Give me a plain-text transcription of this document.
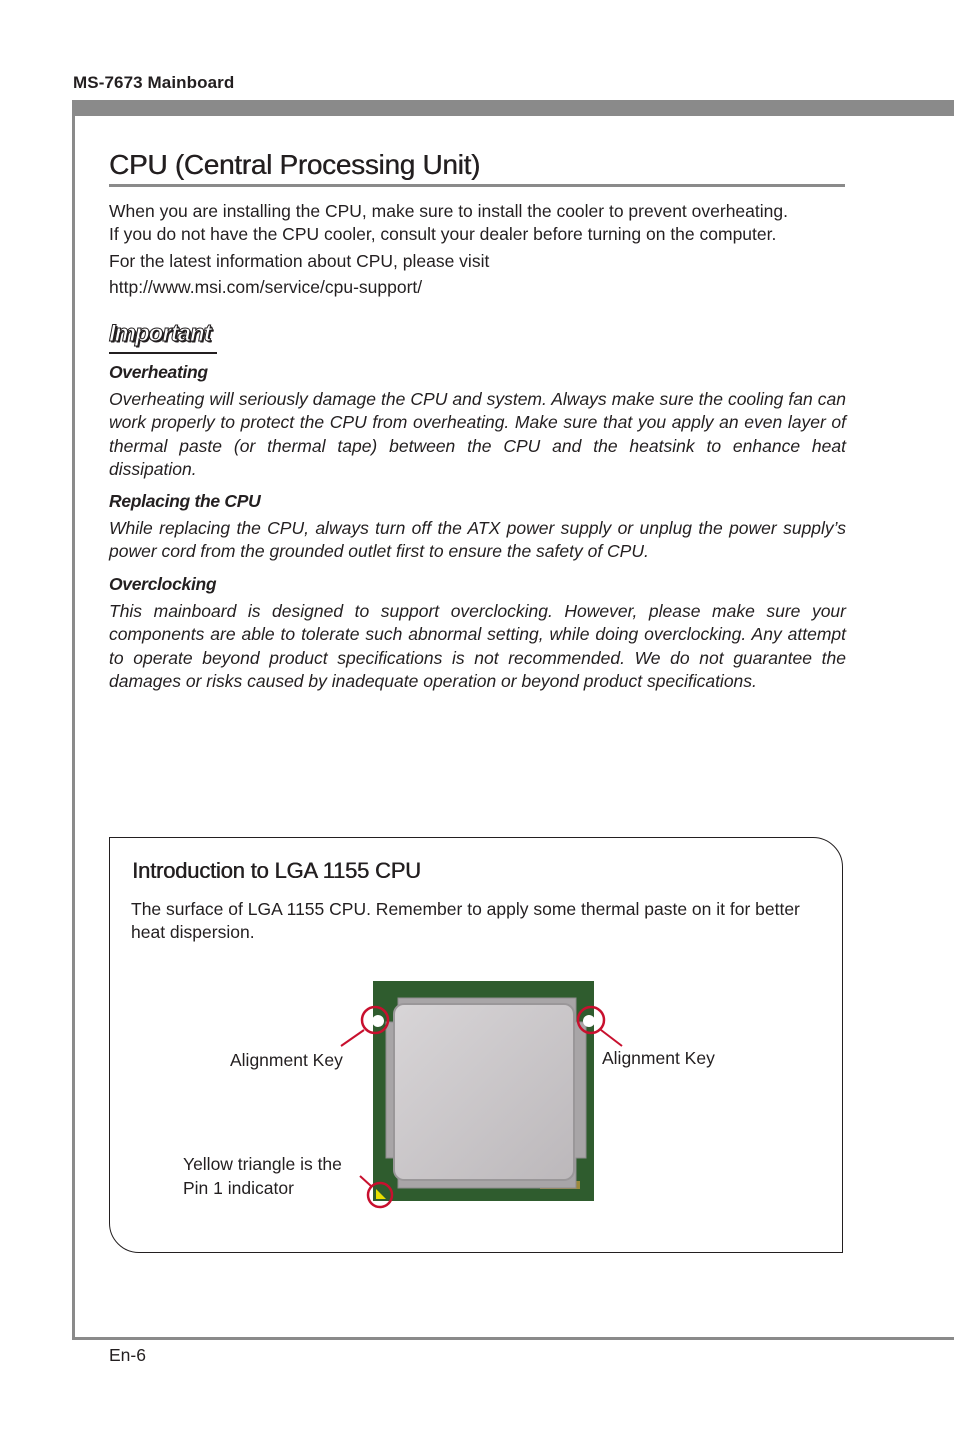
MS-7673 Mainboard
CPU (Central Processing Unit)

When you are installing the CPU, make sure to install the cooler to prevent overheating.

If you do not have the CPU cooler, consult your dealer before turning on the computer.

For the latest information about CPU, please visit

http://www.msi.com/service/cpu-support/

Important
Overheating

Overheating will seriously damage the CPU and system. Always make sure the cooling fan can work properly to protect the CPU from overheating. Make sure that you apply an even layer of thermal paste (or thermal tape) between the CPU and the heatsink to enhance heat dissipation.

Replacing the CPU

While replacing the CPU, always turn off the ATX power supply or unplug the power supply’s power cord from the grounded outlet first to ensure the safety of CPU.

Overclocking

This mainboard is designed to support overclocking. However, please make sure your components are able to tolerate such abnormal setting, while doing overclocking. Any attempt to operate beyond product specifications is not recommended. We do not guarantee the damages or risks caused by inadequate operation or beyond product specifications.

Introduction to LGA 1155 CPU

The surface of LGA 1155 CPU. Remember to apply some thermal paste on it for better heat dispersion.

Alignment Key	Alignment Key

Yellow triangle is the

Pin 1 indicator

En-6
